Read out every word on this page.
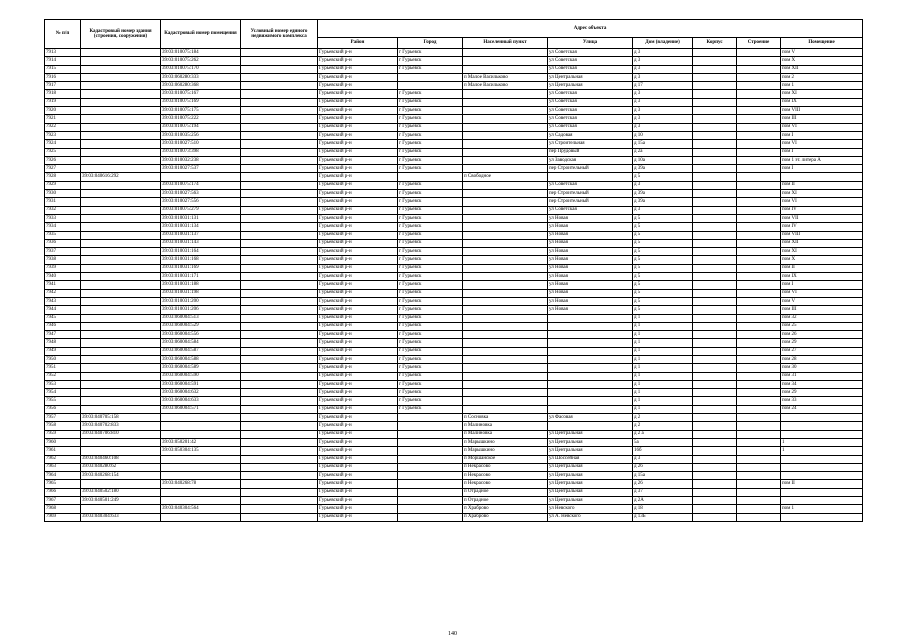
№ п/п	Кадастровый номер здания (строения, сооружения)	Кадастровый номер помещения	Условный номер единого недвижимого комплекса	Адрес объекта							
				Район	Город	Населенный пункт	Улица	Дом (владение)	Корпус	Строение	Помещение
7913		39:03:010075:184		Гурьевский р-н	г Гурьевск		ул Советская	д 3			пом V
7914		39:03:010075:262		Гурьевский р-н	г Гурьевск		ул Советская	д 3			пом X
7915		39:03:010075:170		Гурьевский р-н	г Гурьевск		ул Советская	д 3			пом XII
7916		39:03:060280:333		Гурьевский р-н		п Малое Васильково	ул Центральная	д 3			пом 2
7917		39:03:060280:368		Гурьевский р-н		п Малое Васильково	ул Центральная	д 17			пом 1
7918		39:03:010075:167		Гурьевский р-н	г Гурьевск		ул Советская	д 3			пом XI
7919		39:03:010075:169		Гурьевский р-н	г Гурьевск		ул Советская	д 3			пом IX
7920		39:03:010075:175		Гурьевский р-н	г Гурьевск		ул Советская	д 3			пом VIII
7921		39:03:010075:222		Гурьевский р-н	г Гурьевск		ул Советская	д 3			пом III
7922		39:03:010075:194		Гурьевский р-н	г Гурьевск		ул Советская	д 3			пом VI
7923		39:03:010035:256		Гурьевский р-н	г Гурьевск		ул Садовая	д 10			пом I
7924		39:03:010027:510		Гурьевский р-н	г Гурьевск		ул Строительная	д 15а			пом VI
7925		39:03:010073:398		Гурьевский р-н	г Гурьевск		пер Прудовый	д 2а			пом I
7926		39:03:010032:238		Гурьевский р-н	г Гурьевск		ул Заводская	д 10а			пом 1 эт. литера А
7927		39:03:010027:537		Гурьевский р-н	г Гурьевск		пер Строительный	д 39а			пом I
7928	39:03:040616:292			Гурьевский р-н		п Свободное		д 5			
7929		39:03:010075:174		Гурьевский р-н	г Гурьевск		ул Советская	д 3			пом II
7930		39:03:010027:563		Гурьевский р-н	г Гурьевск		пер Строительный	д 39а			пом XI
7931		39:03:010027:556		Гурьевский р-н	г Гурьевск		пер Строительный	д 39а			пом VI
7932		39:03:010075:279		Гурьевский р-н	г Гурьевск		ул Советская	д 3			пом IV
7933		39:03:010031:131		Гурьевский р-н	г Гурьевск		ул Новая	д 5			пом VII
7934		39:03:010031:134		Гурьевский р-н	г Гурьевск		ул Новая	д 5			пом IV
7935		39:03:010031:137		Гурьевский р-н	г Гурьевск		ул Новая	д 5			пом VIII
7936		39:03:010031:143		Гурьевский р-н	г Гурьевск		ул Новая	д 5			пом XII
7937		39:03:010031:164		Гурьевский р-н	г Гурьевск		ул Новая	д 5			пом XI
7938		39:03:010031:168		Гурьевский р-н	г Гурьевск		ул Новая	д 5			пом X
7939		39:03:010031:169		Гурьевский р-н	г Гурьевск		ул Новая	д 5			пом II
7940		39:03:010031:171		Гурьевский р-н	г Гурьевск		ул Новая	д 5			пом IX
7941		39:03:010031:188		Гурьевский р-н	г Гурьевск		ул Новая	д 5			пом I
7942		39:03:010031:198		Гурьевский р-н	г Гурьевск		ул Новая	д 5			пом VI
7943		39:03:010031:200		Гурьевский р-н	г Гурьевск		ул Новая	д 5			пом V
7944		39:03:010031:206		Гурьевский р-н	г Гурьевск		ул Новая	д 5			пом III
7945		39:03:060004:513		Гурьевский р-н	г Гурьевск			д 1			пом 32
7946		39:03:060004:529		Гурьевский р-н	г Гурьевск			д 1			пом 25
7947		39:03:060004:556		Гурьевский р-н	г Гурьевск			д 1			пом 26
7948		39:03:060004:584		Гурьевский р-н	г Гурьевск			д 1			пом 29
7949		39:03:060004:587		Гурьевский р-н	г Гурьевск			д 1			пом 27
7950		39:03:060004:588		Гурьевский р-н	г Гурьевск			д 1			пом 28
7951		39:03:060004:589		Гурьевский р-н	г Гурьевск			д 1			пом 30
7952		39:03:060004:590		Гурьевский р-н	г Гурьевск			д 1			пом 31
7953		39:03:060004:591		Гурьевский р-н	г Гурьевск			д 1			пом 34
7954		39:03:060004:632		Гурьевский р-н	г Гурьевск			д 1			пом 29
7955		39:03:060004:633		Гурьевский р-н	г Гурьевск			д 1			пом 33
7956		39:03:060004:571		Гурьевский р-н	г Гурьевск			д 1			пом 24
7957	39:03:040705:158			Гурьевский р-н		п Сосновка	ул Фасовая	д 2			
7958	39:03:040702:833			Гурьевский р-н		п Малиновка		д 2			
7959	39:03:040706:810			Гурьевский р-н		п Малиновка	ул Центральная	д 2 а			
7960		39:03:050201:42		Гурьевский р-н		п Марышкино	ул Центральная	5а			1
7961		39:03:050304:135		Гурьевский р-н		п Марышкино	ул Центральная	16б			1
7962	39:03:040460:108			Гурьевский р-н		п Моршанское	ул Шоссейная	д 3			
7963	39:03:040280:62			Гурьевский р-н		п Некрасово	ул Центральная	д 26			
7964	39:03:040268:154			Гурьевский р-н		п Некрасово	ул Центральная	д 15а			
7965		39:03:040268:78		Гурьевский р-н		п Некрасово	ул Центральная	д 26			пом II
7966	39:03:040502:180			Гурьевский р-н		п Отрадное	ул Центральная	д 37			
7967	39:03:040501:249			Гурьевский р-н		п Отрадное	ул Центральная	д 2А			
7968		39:03:040304:564		Гурьевский р-н		п Храброво	ул Невского	д 18			пом 1
7969	39:03:040304:633			Гурьевский р-н		п Храброво	ул А. Невского	д 13Б			
140
